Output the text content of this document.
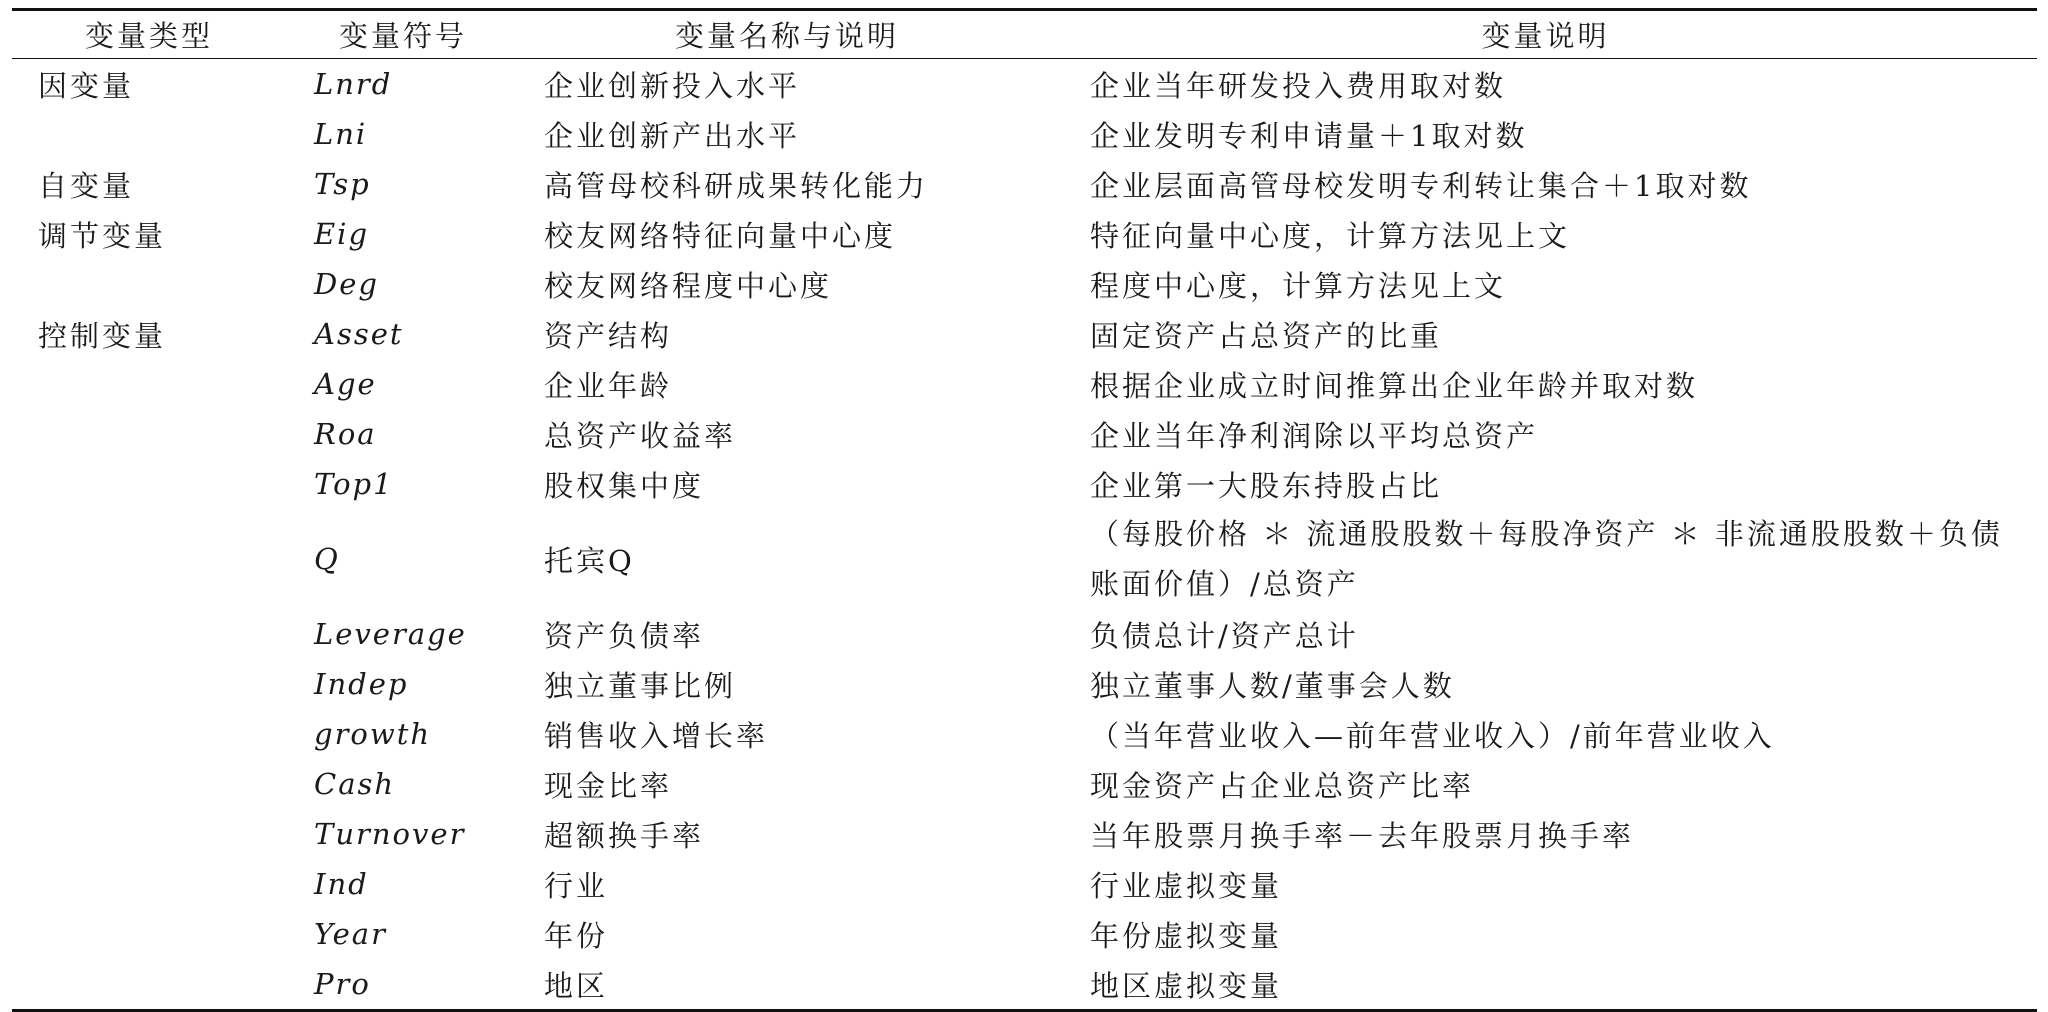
变量类型	变量符号	变量名称与说明	变量说明
因变量	Lnrd	企业创新投入水平	企业当年研发投入费用取对数
	Lni	企业创新产出水平	企业发明专利申请量＋1取对数
自变量	Tsp	高管母校科研成果转化能力	企业层面高管母校发明专利转让集合＋1取对数
调节变量	Eig	校友网络特征向量中心度	特征向量中心度，计算方法见上文
	Deg	校友网络程度中心度	程度中心度，计算方法见上文
控制变量	Asset	资产结构	固定资产占总资产的比重
	Age	企业年龄	根据企业成立时间推算出企业年龄并取对数
	Roa	总资产收益率	企业当年净利润除以平均总资产
	Top1	股权集中度	企业第一大股东持股占比
	Q	托宾Q	（每股价格 ＊ 流通股股数＋每股净资产 ＊ 非流通股股数＋负债账面价值）/总资产
	Leverage	资产负债率	负债总计/资产总计
	Indep	独立董事比例	独立董事人数/董事会人数
	growth	销售收入增长率	（当年营业收入—前年营业收入）/前年营业收入
	Cash	现金比率	现金资产占企业总资产比率
	Turnover	超额换手率	当年股票月换手率－去年股票月换手率
	Ind	行业	行业虚拟变量
	Year	年份	年份虚拟变量
	Pro	地区	地区虚拟变量
